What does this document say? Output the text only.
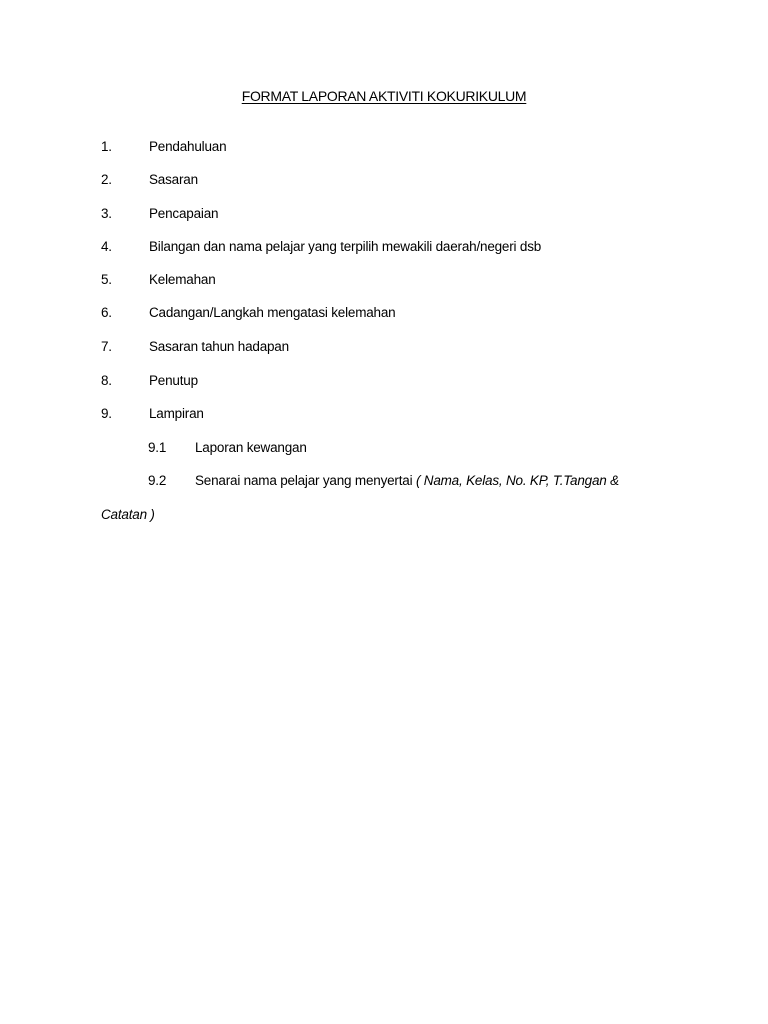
FORMAT LAPORAN AKTIVITI KOKURIKULUM
1.	Pendahuluan
2.	Sasaran
3.	Pencapaian
4.	Bilangan dan nama pelajar yang terpilih mewakili daerah/negeri dsb
5.	Kelemahan
6.	Cadangan/Langkah mengatasi kelemahan
7.	Sasaran tahun hadapan
8.	Penutup
9.	Lampiran
9.1 Laporan kewangan
9.2 Senarai nama pelajar yang menyertai ( Nama, Kelas, No. KP, T.Tangan &
Catatan )
